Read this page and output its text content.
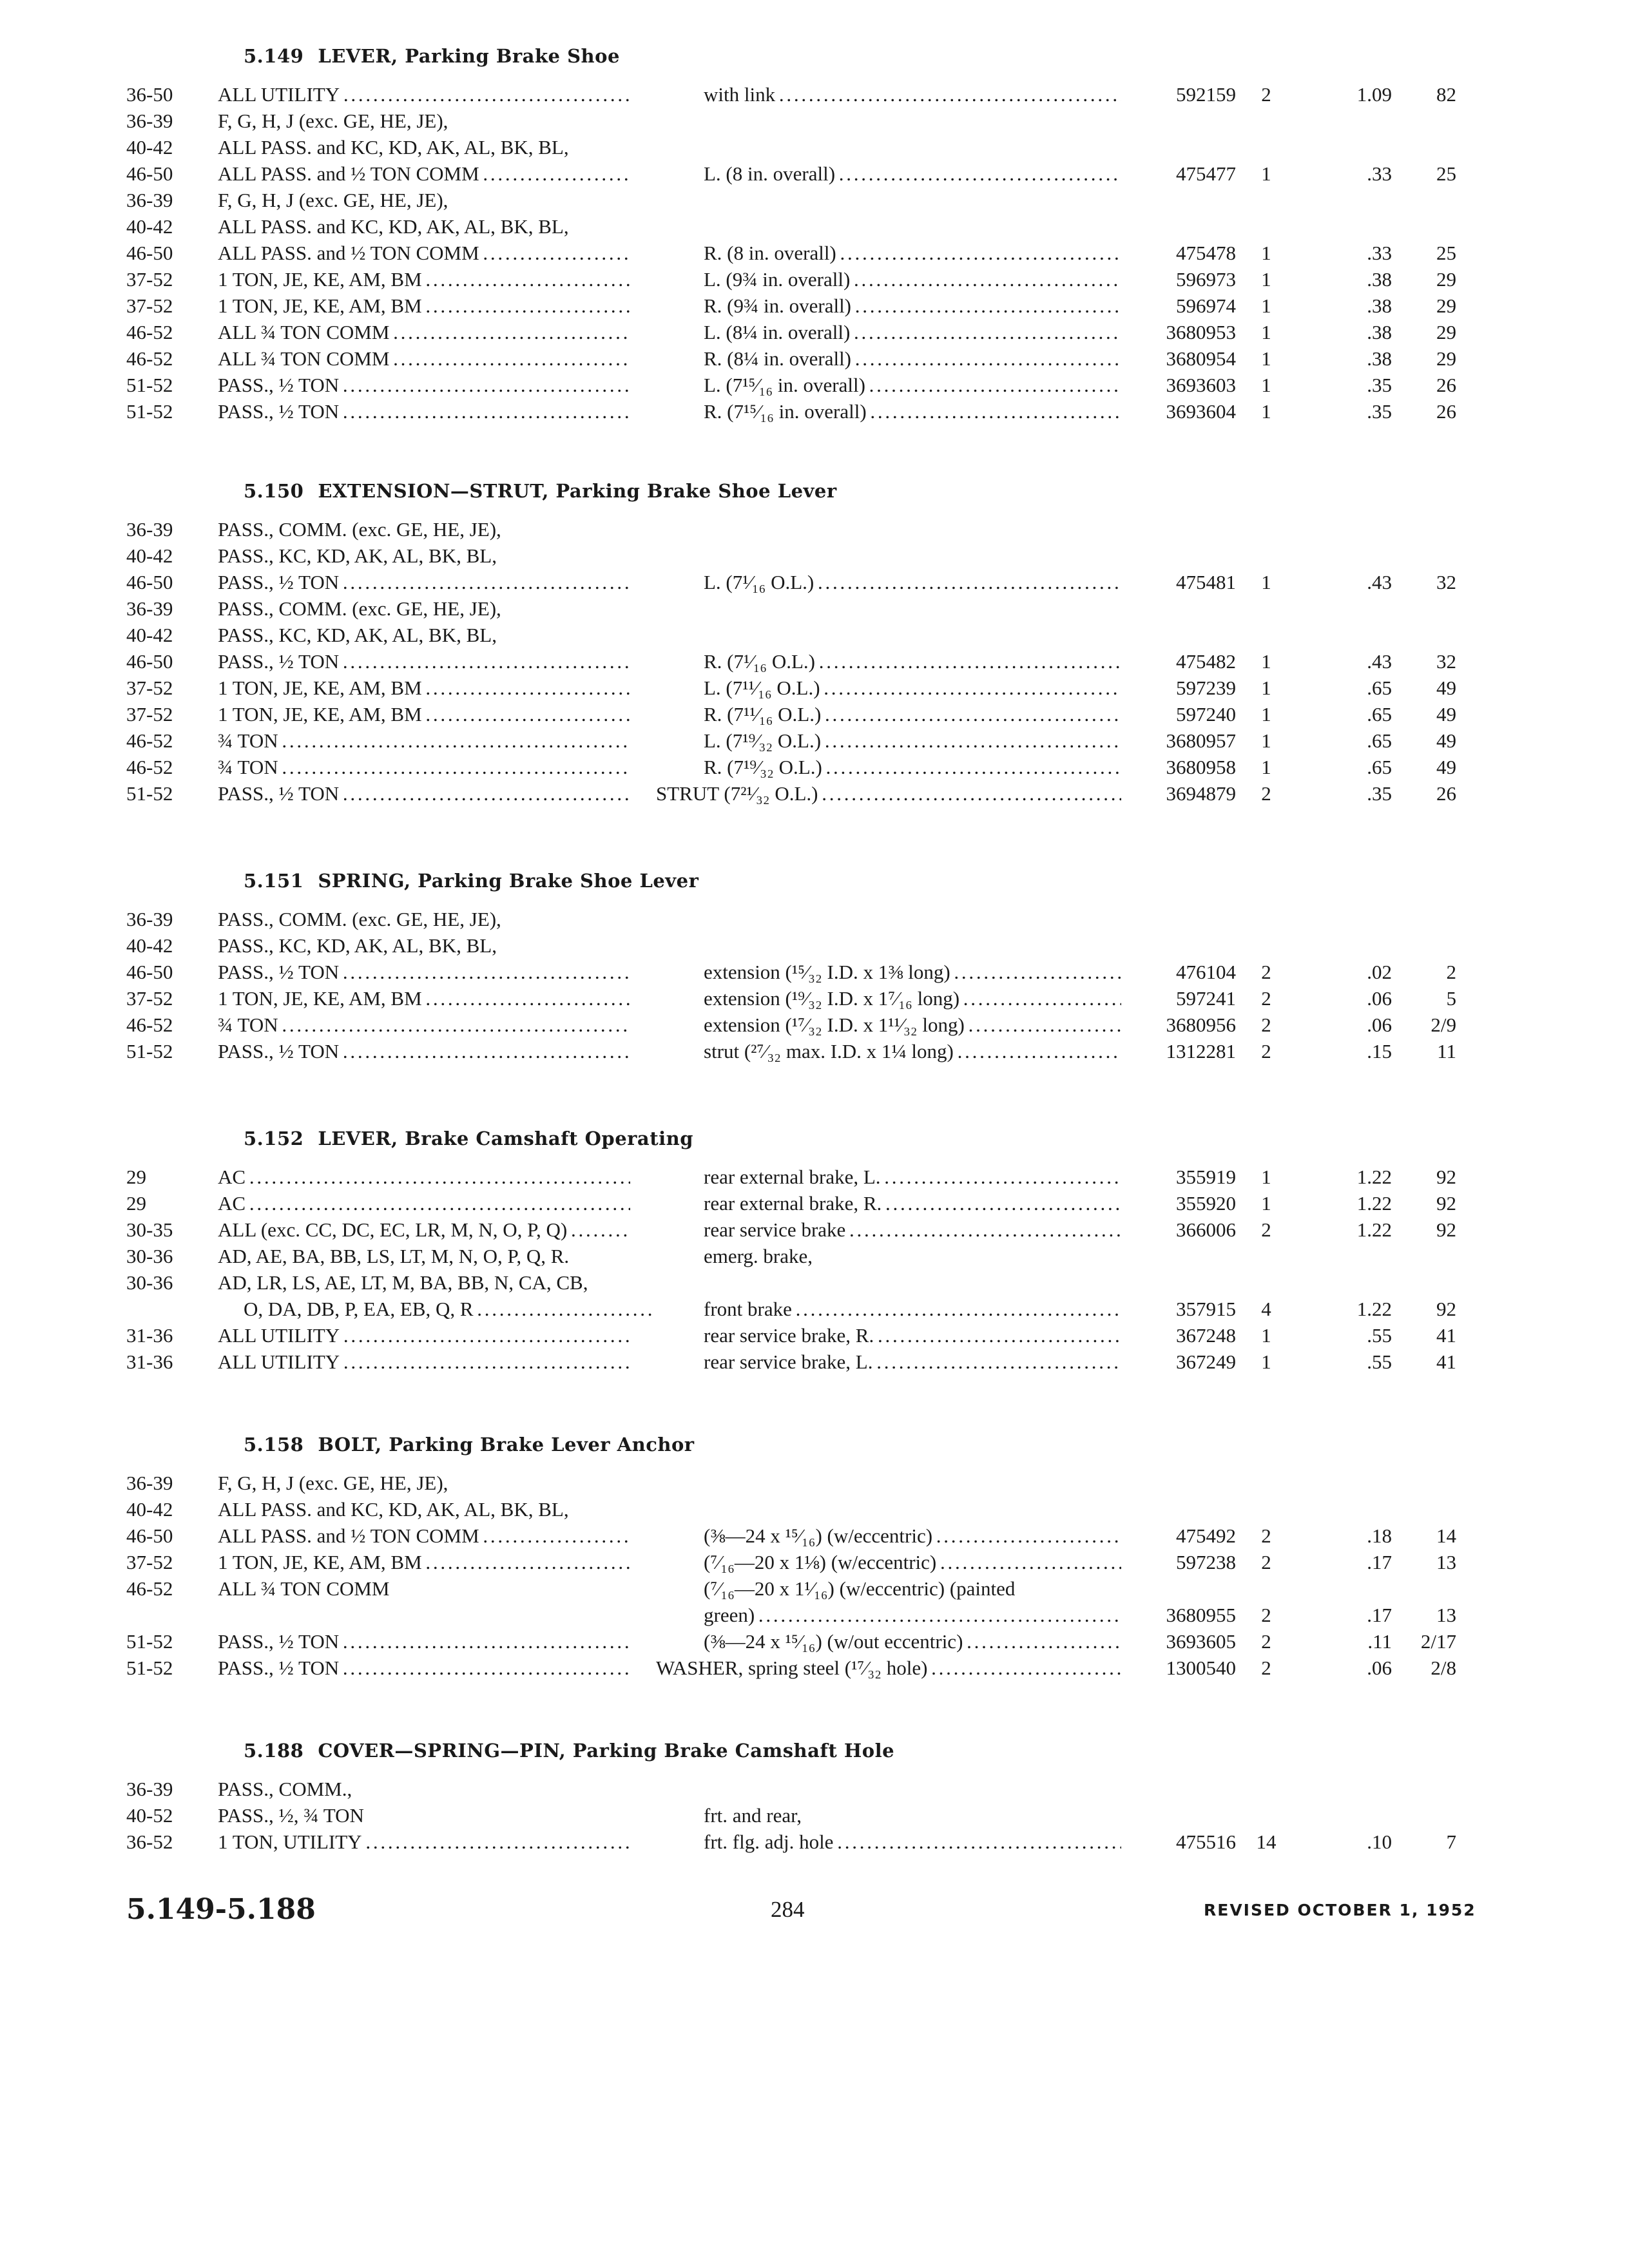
5.149 LEVER, Parking Brake Shoe
36-50	ALL UTILITY . . .	with link . . .	592159	2	1.09	82
36-39	F, G, H, J (exc. GE, HE, JE),
40-42	ALL PASS. and KC, KD, AK, AL, BK, BL,
46-50	ALL PASS. and ½ TON COMM . . .	L. (8 in. overall) . . .	475477	1	.33	25
36-39	F, G, H, J (exc. GE, HE, JE),
40-42	ALL PASS. and KC, KD, AK, AL, BK, BL,
46-50	ALL PASS. and ½ TON COMM . . .	R. (8 in. overall) . . .	475478	1	.33	25
37-52	1 TON, JE, KE, AM, BM . . .	L. (9¾ in. overall) . . .	596973	1	.38	29
37-52	1 TON, JE, KE, AM, BM . . .	R. (9¾ in. overall) . . .	596974	1	.38	29
46-52	ALL ¾ TON COMM . . .	L. (8¼ in. overall) . . .	3680953	1	.38	29
46-52	ALL ¾ TON COMM . . .	R. (8¼ in. overall) . . .	3680954	1	.38	29
51-52	PASS., ½ TON . . .	L. (7¹⁵⁄₁₆ in. overall) . . .	3693603	1	.35	26
51-52	PASS., ½ TON . . .	R. (7¹⁵⁄₁₆ in. overall) . . .	3693604	1	.35	26
5.150 EXTENSION—STRUT, Parking Brake Shoe Lever
36-39	PASS., COMM. (exc. GE, HE, JE),
40-42	PASS., KC, KD, AK, AL, BK, BL,
46-50	PASS., ½ TON . . .	L. (7¹⁄₁₆ O.L.) . . .	475481	1	.43	32
36-39	PASS., COMM. (exc. GE, HE, JE),
40-42	PASS., KC, KD, AK, AL, BK, BL,
46-50	PASS., ½ TON . . .	R. (7¹⁄₁₆ O.L.) . . .	475482	1	.43	32
37-52	1 TON, JE, KE, AM, BM . . .	L. (7¹¹⁄₁₆ O.L.) . . .	597239	1	.65	49
37-52	1 TON, JE, KE, AM, BM . . .	R. (7¹¹⁄₁₆ O.L.) . . .	597240	1	.65	49
46-52	¾ TON . . .	L. (7¹⁹⁄₃₂ O.L.) . . .	3680957	1	.65	49
46-52	¾ TON . . .	R. (7¹⁹⁄₃₂ O.L.) . . .	3680958	1	.65	49
51-52	PASS., ½ TON . . .	STRUT (7²¹⁄₃₂ O.L.) . . .	3694879	2	.35	26
5.151 SPRING, Parking Brake Shoe Lever
36-39	PASS., COMM. (exc. GE, HE, JE),
40-42	PASS., KC, KD, AK, AL, BK, BL,
46-50	PASS., ½ TON . . .	extension (¹⁵⁄₃₂ I.D. x 1⅜ long) . . .	476104	2	.02	2
37-52	1 TON, JE, KE, AM, BM . . .	extension (¹⁹⁄₃₂ I.D. x 1⁷⁄₁₆ long) . . .	597241	2	.06	5
46-52	¾ TON . . .	extension (¹⁷⁄₃₂ I.D. x 1¹¹⁄₃₂ long) . . .	3680956	2	.06	2/9
51-52	PASS., ½ TON . . .	strut (²⁷⁄₃₂ max. I.D. x 1¼ long) . . .	1312281	2	.15	11
5.152 LEVER, Brake Camshaft Operating
29	AC . . .	rear external brake, L. . . .	355919	1	1.22	92
29	AC . . .	rear external brake, R. . . .	355920	1	1.22	92
30-35	ALL (exc. CC, DC, EC, LR, M, N, O, P, Q) . . .	rear service brake . . .	366006	2	1.22	92
30-36	AD, AE, BA, BB, LS, LT, M, N, O, P, Q, R.	emerg. brake,
30-36	AD, LR, LS, AE, LT, M, BA, BB, N, CA, CB,
O, DA, DB, P, EA, EB, Q, R . . .	front brake . . .	357915	4	1.22	92
31-36	ALL UTILITY . . .	rear service brake, R. . . .	367248	1	.55	41
31-36	ALL UTILITY . . .	rear service brake, L. . . .	367249	1	.55	41
5.158 BOLT, Parking Brake Lever Anchor
36-39	F, G, H, J (exc. GE, HE, JE),
40-42	ALL PASS. and KC, KD, AK, AL, BK, BL,
46-50	ALL PASS. and ½ TON COMM . . .	(⅜—24 x ¹⁵⁄₁₆) (w/eccentric) . . .	475492	2	.18	14
37-52	1 TON, JE, KE, AM, BM . . .	(⁷⁄₁₆—20 x 1⅛) (w/eccentric) . . .	597238	2	.17	13
46-52	ALL ¾ TON COMM	(⁷⁄₁₆—20 x 1¹⁄₁₆) (w/eccentric) (painted
green) . . .	3680955	2	.17	13
51-52	PASS., ½ TON . . .	(⅜—24 x ¹⁵⁄₁₆) (w/out eccentric) . . .	3693605	2	.11	2/17
51-52	PASS., ½ TON . . .	WASHER, spring steel (¹⁷⁄₃₂ hole) . . .	1300540	2	.06	2/8
5.188 COVER—SPRING—PIN, Parking Brake Camshaft Hole
36-39	PASS., COMM.,
40-52	PASS., ½, ¾ TON	frt. and rear,
36-52	1 TON, UTILITY . . .	frt. flg. adj. hole . . .	475516	14	.10	7
5.149-5.188	284	REVISED OCTOBER 1, 1952
